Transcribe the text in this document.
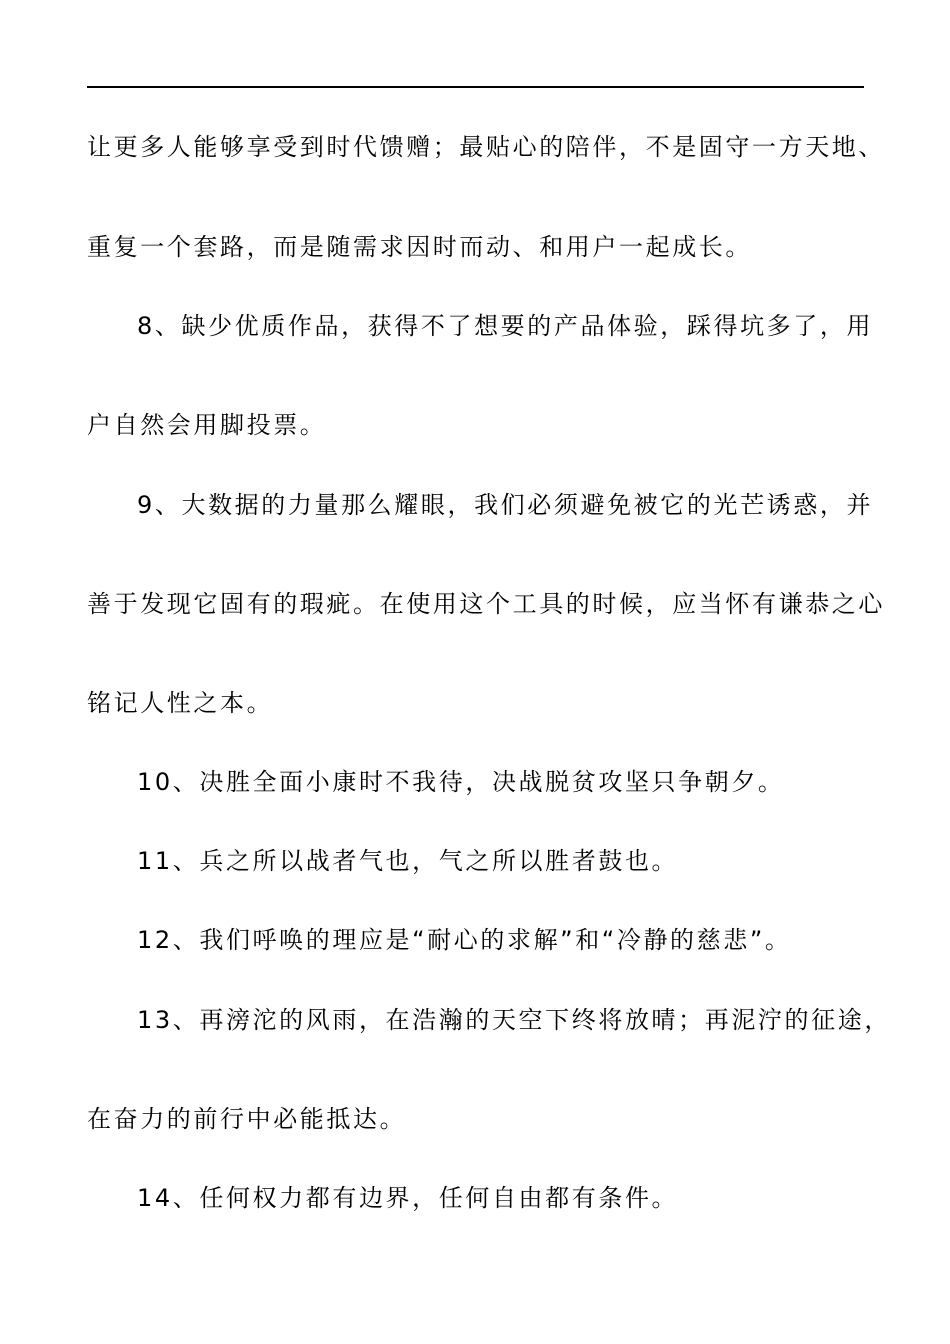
让更多人能够享受到时代馈赠；最贴心的陪伴，不是固守一方天地、
重复一个套路，而是随需求因时而动、和用户一起成长。
8、缺少优质作品，获得不了想要的产品体验，踩得坑多了，用
户自然会用脚投票。
9、大数据的力量那么耀眼，我们必须避免被它的光芒诱惑，并
善于发现它固有的瑕疵。在使用这个工具的时候，应当怀有谦恭之心
铭记人性之本。
10、决胜全面小康时不我待，决战脱贫攻坚只争朝夕。
11、兵之所以战者气也，气之所以胜者鼓也。
12、我们呼唤的理应是“耐心的求解”和“冷静的慈悲”。
13、再滂沱的风雨，在浩瀚的天空下终将放晴；再泥泞的征途，
在奋力的前行中必能抵达。
14、任何权力都有边界，任何自由都有条件。
